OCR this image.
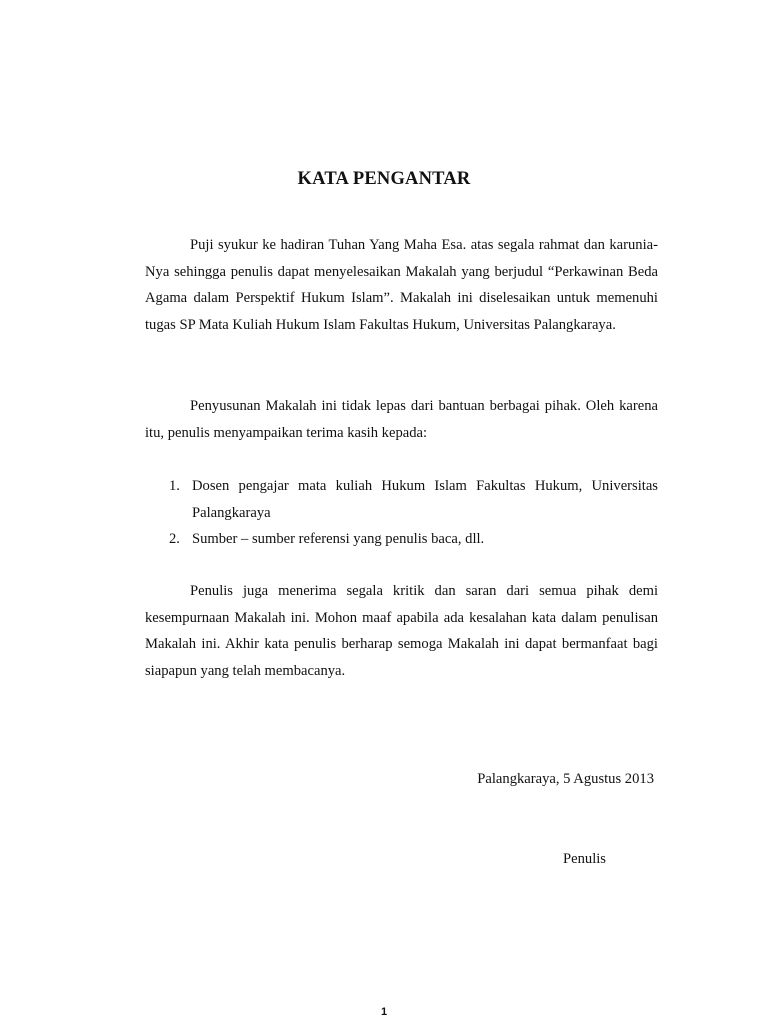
KATA PENGANTAR

Puji syukur ke hadiran Tuhan Yang Maha Esa. atas segala rahmat dan karunia-Nya sehingga penulis dapat menyelesaikan Makalah yang berjudul “Perkawinan Beda Agama dalam Perspektif Hukum Islam”. Makalah ini diselesaikan untuk memenuhi tugas SP Mata Kuliah Hukum Islam Fakultas Hukum, Universitas Palangkaraya.

Penyusunan Makalah ini tidak lepas dari bantuan berbagai pihak. Oleh karena itu, penulis menyampaikan terima kasih kepada:

1. Dosen pengajar mata kuliah Hukum Islam Fakultas Hukum, Universitas Palangkaraya
2. Sumber – sumber referensi yang penulis baca, dll.

Penulis juga menerima segala kritik dan saran dari semua pihak demi kesempurnaan Makalah ini. Mohon maaf apabila ada kesalahan kata dalam penulisan Makalah ini. Akhir kata penulis berharap semoga Makalah ini dapat bermanfaat bagi siapapun yang telah membacanya.

Palangkaraya, 5 Agustus 2013
Penulis
1
